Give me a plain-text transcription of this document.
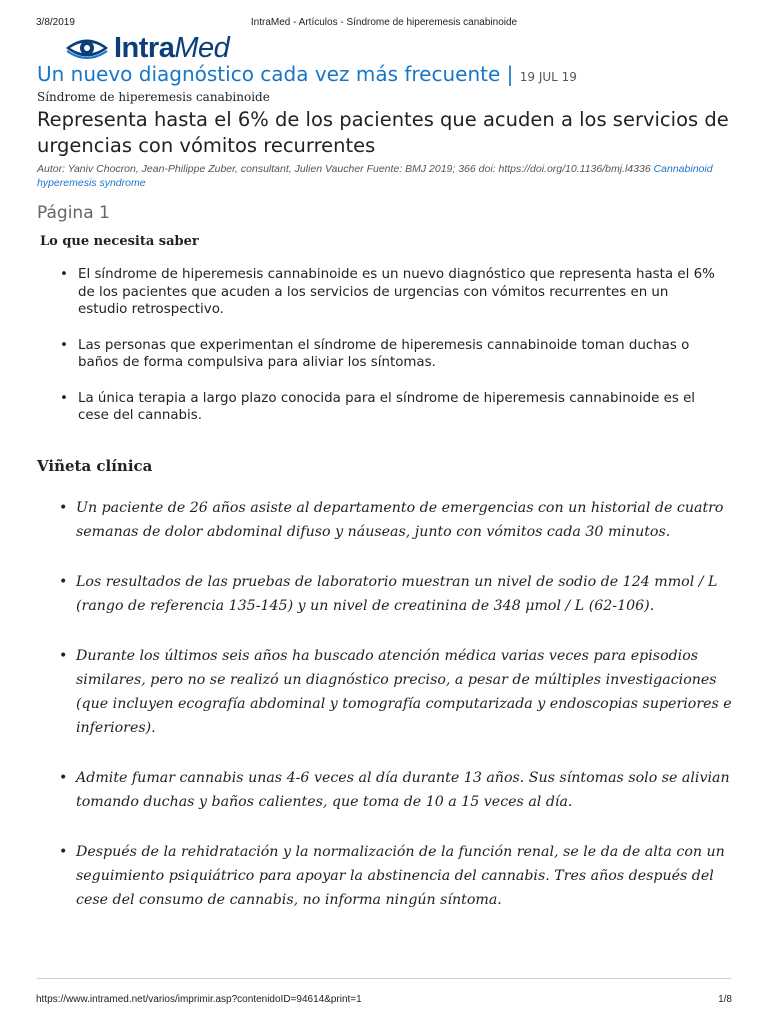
3/8/2019	IntraMed - Artículos - Síndrome de hiperemesis canabinoide
Intra Med
Un nuevo diagnóstico cada vez más frecuente | 19 JUL 19
Síndrome de hiperemesis canabinoide
Representa hasta el 6% de los pacientes que acuden a los servicios de urgencias con vómitos recurrentes
Autor: Yaniv Chocron, Jean-Philippe Zuber, consultant, Julien Vaucher Fuente: BMJ 2019; 366 doi: https://doi.org/10.1136/bmj.l4336 Cannabinoid hyperemesis syndrome
Página 1
Lo que necesita saber
• El síndrome de hiperemesis cannabinoide es un nuevo diagnóstico que representa hasta el 6% de los pacientes que acuden a los servicios de urgencias con vómitos recurrentes en un estudio retrospectivo.
• Las personas que experimentan el síndrome de hiperemesis cannabinoide toman duchas o baños de forma compulsiva para aliviar los síntomas.
• La única terapia a largo plazo conocida para el síndrome de hiperemesis cannabinoide es el cese del cannabis.
Viñeta clínica
• Un paciente de 26 años asiste al departamento de emergencias con un historial de cuatro semanas de dolor abdominal difuso y náuseas, junto con vómitos cada 30 minutos.
• Los resultados de las pruebas de laboratorio muestran un nivel de sodio de 124 mmol / L (rango de referencia 135-145) y un nivel de creatinina de 348 μmol / L (62-106).
• Durante los últimos seis años ha buscado atención médica varias veces para episodios similares, pero no se realizó un diagnóstico preciso, a pesar de múltiples investigaciones (que incluyen ecografía abdominal y tomografía computarizada y endoscopias superiores e inferiores).
• Admite fumar cannabis unas 4-6 veces al día durante 13 años. Sus síntomas solo se alivian tomando duchas y baños calientes, que toma de 10 a 15 veces al día.
• Después de la rehidratación y la normalización de la función renal, se le da de alta con un seguimiento psiquiátrico para apoyar la abstinencia del cannabis. Tres años después del cese del consumo de cannabis, no informa ningún síntoma.
https://www.intramed.net/varios/imprimir.asp?contenidoID=94614&print=1	1/8
